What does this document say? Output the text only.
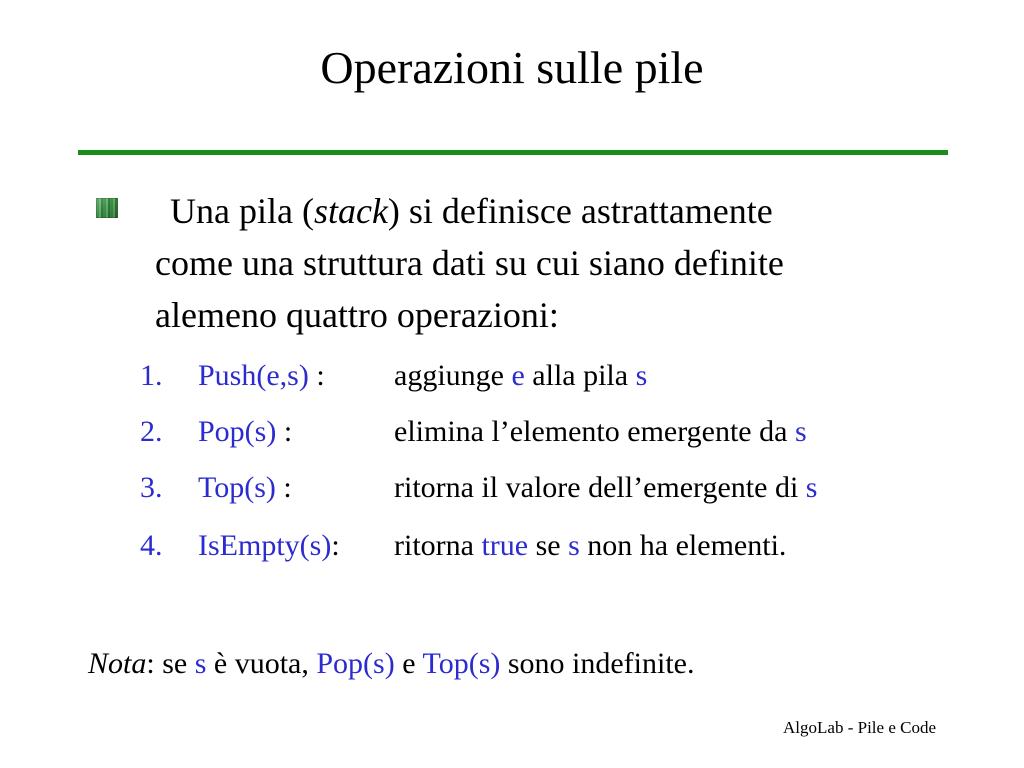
Operazioni sulle pile
Una pila (stack) si definisce astrattamente
come una struttura dati su cui siano definite
alemeno quattro operazioni:
1. Push(e,s) : aggiunge e alla pila s
2. Pop(s) :	elimina l’elemento emergente da s
3. Top(s) :	ritorna il valore dell’emergente di s
4. IsEmpty(s): ritorna true se s non ha elementi.
Nota: se s è vuota, Pop(s) e Top(s) sono indefinite.
AlgoLab - Pile e Code
